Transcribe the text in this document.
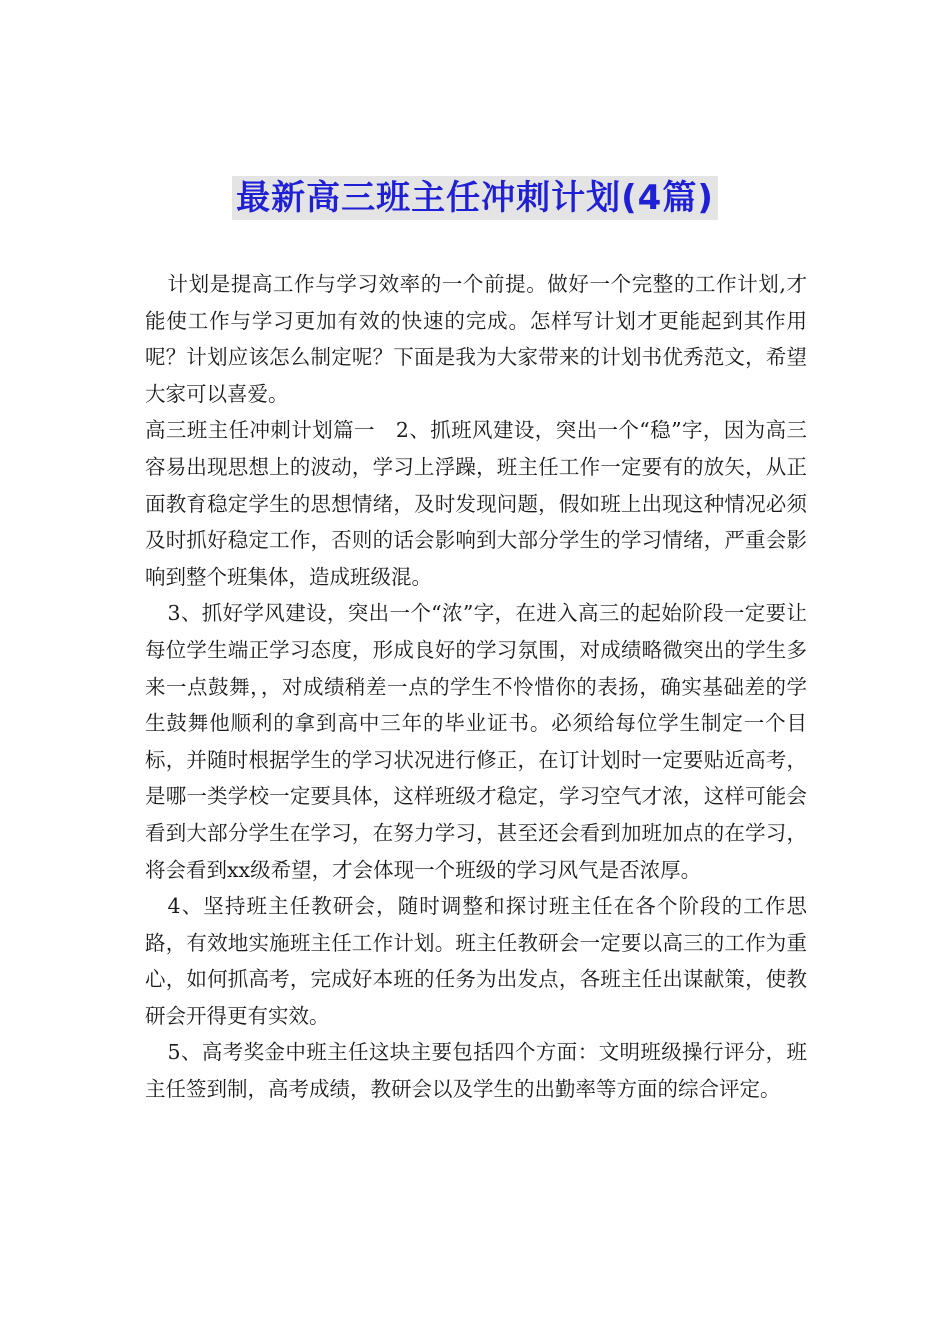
最新高三班主任冲刺计划(4篇)

计划是提高工作与学习效率的一个前提。做好一个完整的工作计划,才能使工作与学习更加有效的快速的完成。怎样写计划才更能起到其作用呢？计划应该怎么制定呢？下面是我为大家带来的计划书优秀范文，希望大家可以喜爱。

高三班主任冲刺计划篇一　2、抓班风建设，突出一个“稳”字，因为高三容易出现思想上的波动，学习上浮躁，班主任工作一定要有的放矢，从正面教育稳定学生的思想情绪，及时发现问题，假如班上出现这种情况必须及时抓好稳定工作，否则的话会影响到大部分学生的学习情绪，严重会影响到整个班集体，造成班级混。

3、抓好学风建设，突出一个“浓”字，在进入高三的起始阶段一定要让每位学生端正学习态度，形成良好的学习氛围，对成绩略微突出的学生多来一点鼓舞，，对成绩稍差一点的学生不怜惜你的表扬，确实基础差的学生鼓舞他顺利的拿到高中三年的毕业证书。必须给每位学生制定一个目标，并随时根据学生的学习状况进行修正，在订计划时一定要贴近高考，是哪一类学校一定要具体，这样班级才稳定，学习空气才浓，这样可能会看到大部分学生在学习，在努力学习，甚至还会看到加班加点的在学习，将会看到xx级希望，才会体现一个班级的学习风气是否浓厚。

4、坚持班主任教研会，随时调整和探讨班主任在各个阶段的工作思路，有效地实施班主任工作计划。班主任教研会一定要以高三的工作为重心，如何抓高考，完成好本班的任务为出发点，各班主任出谋献策，使教研会开得更有实效。

5、高考奖金中班主任这块主要包括四个方面：文明班级操行评分，班主任签到制，高考成绩，教研会以及学生的出勤率等方面的综合评定。
